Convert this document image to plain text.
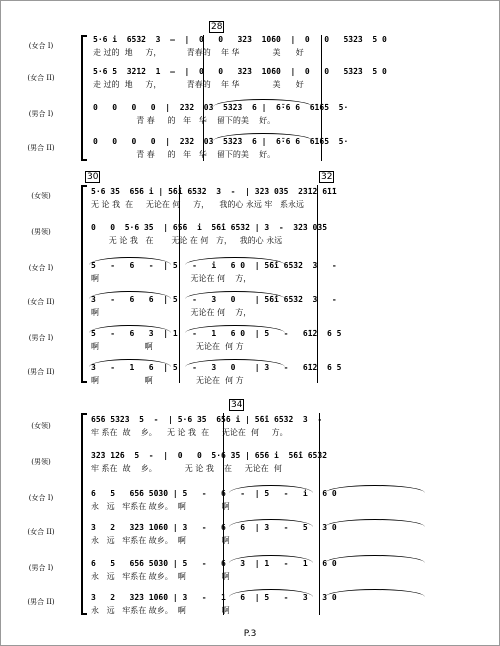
28
(女合 I)
5·6 i  6̄5̄3̄2  3  —  |  0   0   3̄2̄3  1̄0̄6̄0  |  0   0   5̄3̄2̄3  5 0
走 过的  地     方，          青春的    年 华             美      好
(女合 II)
5·6 5  3̄2̄1̄2  1  —  |  0   0   3̄2̄3  1̄0̄6̄0  |  0   0   5̄3̄2̄3  5 0
走 过的  地     方，          青春的    年 华             美      好
(男合 I)
0   0   0   0  |  2̄3̄2  0̄3  5̄3̄2̄3  6 |  6̄·6 6  6̄1̄6̄5  5·
青 春     的   年   华    留下的美    好。
(男合 II)
0   0   0   0  |  2̄3̄2  0̄3  5̄3̄2̄3  6 |  6̄·6 6  6̄1̄6̄5  5·
青 春     的   年   华    留下的美    好。
30	32
(女领)	5·6 3̄5  6̄5̄6 i | 5̄6̄i 6̄5̄3̄2  3  -  | 3̄2̄3 0̄3̄5  2̄3̄1̄2 6̄1̄1
无 论 我  在     无论在 何     方，    我的心 永远 牢   系永远
(男领)	0   0  5·6 3̄5  | 6̄5̄6  i  5̄6̄i 6̄5̄3̄2 | 3  -  3̄2̄3 0̄3̄5
无 论 我   在       无论 在 何   方，   我的心 永远
(女合 I)	5   -   6   -  | 5   -   i   6 0  | 5̄6̄i 6̄5̄3̄2  3   -
啊                                    无论在 何    方，
(女合 II)	3   -   6   6  | 5   -   3   0    | 5̄6̄i 6̄5̄3̄2  3   -
啊                                    无论在 何    方，
(男合 I)	5   -   6   3  | 1   -   1   6 0  | 5   -   6̄1̄2  6 5
啊                  啊                 无论在  何 方
(男合 II)	3   -   1   6  | 5   -   3   0    | 3   -   6̄1̄2  6 5
啊                  啊                 无论在  何 方
34
(女领)
6̄5̄6 5̄3̄2̄3  5  -  | 5·6 3̄5  6̄5̄6 i | 5̄6̄i 6̄5̄3̄2  3  -
牢 系在  故    乡。    无 论 我  在     无论在  何     方。
(男领)
3̄2̄3 1̄2̄6  5  -  |  0   0  5·6 3̄5 | 6̄5̄6 i  5̄6̄i 6̄5̄3̄2
牢 系在  故    乡。           无 论 我    在     无论在  何
(女合 I)	6   5   6̄5̄6 5̄0̄3̄0 | 5   -   6   -  | 5   -   i   6 0
永   远   牢系在 故乡。  啊              啊
(女合 II)	3   2   3̄2̄3 1̄0̄6̄0 | 3   -   6   6  | 3   -   5   3 0
永   远   牢系在 故乡。  啊              啊
(男合 I)	6   5   6̄5̄6 5̄0̄3̄0 | 5   -   6   3  | 1   -   1   6 0
永   远   牢系在 故乡。  啊              啊
(男合 II)	3   2   3̄2̄3 1̄0̄6̄0 | 3   -   1   6  | 5   -   3   3 0
永   远   牢系在 故乡。  啊              啊
P.3
